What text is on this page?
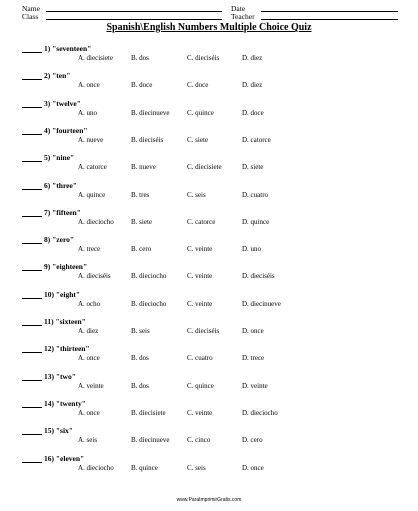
Name	Date
Class	Teacher
Spanish\English Numbers Multiple Choice Quiz
1) "seventeen"
A. diecisiete	B. dos	C. dieciséis	D. diez
2) "ten"
A. once	B. doce	C. doce	D. diez
3) "twelve"
A. uno	B. diecinueve	C. quince	D. doce
4) "fourteen"
A. nueve	B. dieciséis	C. siete	D. catorce
5) "nine"
A. catorce	B. nueve	C. diecisiete	D. siete
6) "three"
A. quince	B. tres	C. seis	D. cuatro
7) "fifteen"
A. dieciocho B. siete	C. catorce	D. quince
8) "zero"
A. trece	B. cero	C. veinte	D. uno
9) "eighteen"
A. dieciséis	B. dieciocho	C. veinte	D. dieciséis
10) "eight"
A. ocho	B. dieciocho	C. veinte	D. diecinueve
11) "sixteen"
A. diez	B. seis	C. dieciséis	D. once
12) "thirteen"
A. once	B. dos	C. cuatro	D. trece
13) "two"
A. veinte	B. dos	C. quince	D. veinte
14) "twenty"
A. once	B. diecisiete	C. veinte	D. dieciocho
15) "six"
A. seis	B. diecinueve	C. cinco	D. cero
16) "eleven"
A. dieciocho B. quince	C. seis	D. once
www.ParaImprimirGratis.com
